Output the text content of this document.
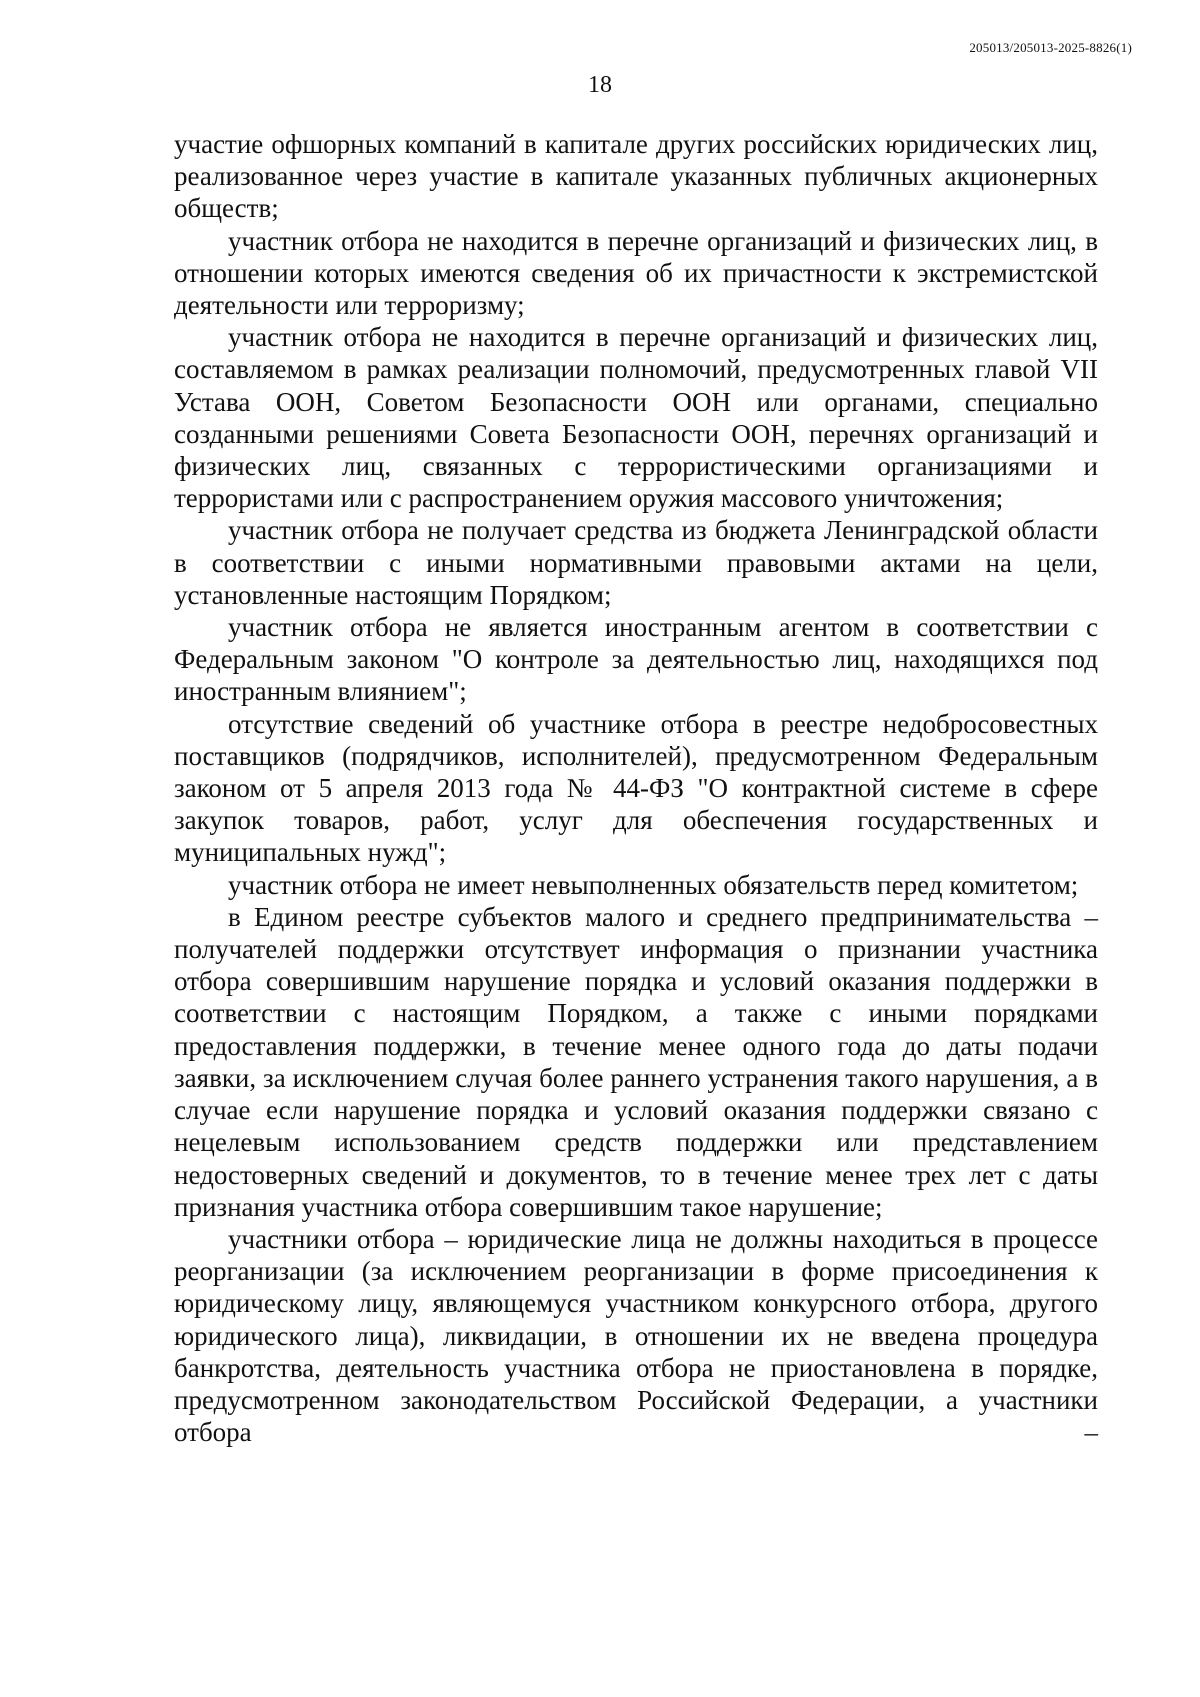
205013/205013-2025-8826(1)
18

участие офшорных компаний в капитале других российских юридических лиц, реализованное через участие в капитале указанных публичных акционерных обществ;

участник отбора не находится в перечне организаций и физических лиц, в отношении которых имеются сведения об их причастности к экстремистской деятельности или терроризму;

участник отбора не находится в перечне организаций и физических лиц, составляемом в рамках реализации полномочий, предусмотренных главой VII Устава ООН, Советом Безопасности ООН или органами, специально созданными решениями Совета Безопасности ООН, перечнях организаций и физических лиц, связанных с террористическими организациями и террористами или с распространением оружия массового уничтожения;

участник отбора не получает средства из бюджета Ленинградской области в соответствии с иными нормативными правовыми актами на цели, установленные настоящим Порядком;

участник отбора не является иностранным агентом в соответствии с Федеральным законом "О контроле за деятельностью лиц, находящихся под иностранным влиянием";

отсутствие сведений об участнике отбора в реестре недобросовестных поставщиков (подрядчиков, исполнителей), предусмотренном Федеральным законом от 5 апреля 2013 года № 44-ФЗ "О контрактной системе в сфере закупок товаров, работ, услуг для обеспечения государственных и муниципальных нужд";

участник отбора не имеет невыполненных обязательств перед комитетом;

в Едином реестре субъектов малого и среднего предпринимательства – получателей поддержки отсутствует информация о признании участника отбора совершившим нарушение порядка и условий оказания поддержки в соответствии с настоящим Порядком, а также с иными порядками предоставления поддержки, в течение менее одного года до даты подачи заявки, за исключением случая более раннего устранения такого нарушения, а в случае если нарушение порядка и условий оказания поддержки связано с нецелевым использованием средств поддержки или представлением недостоверных сведений и документов, то в течение менее трех лет с даты признания участника отбора совершившим такое нарушение;

участники отбора – юридические лица не должны находиться в процессе реорганизации (за исключением реорганизации в форме присоединения к юридическому лицу, являющемуся участником конкурсного отбора, другого юридического лица), ликвидации, в отношении их не введена процедура банкротства, деятельность участника отбора не приостановлена в порядке, предусмотренном законодательством Российской Федерации, а участники отбора –
